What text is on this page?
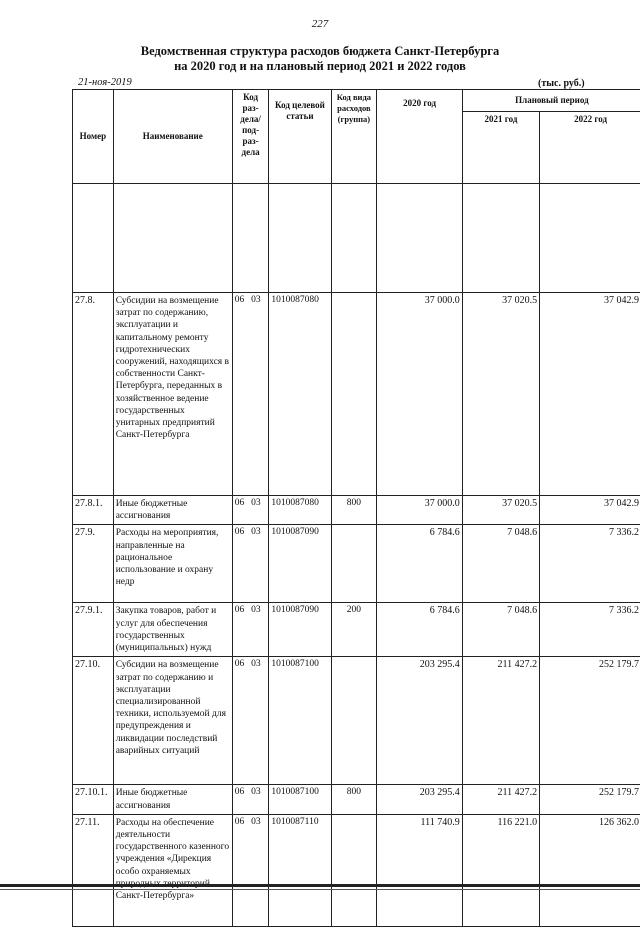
227
Ведомственная структура расходов бюджета Санкт-Петербурга
на 2020 год и на плановый период 2021 и 2022 годов
21-ноя-2019	(тыс. руб.)
Номер	Наименование	Код раз- дела/ под- раз- дела	Код целевой статьи	Код вида расходов (группа)	2020 год	Плановый период	
						2021 год	2022 год

27.8.	Субсидии на возмещение затрат по содержанию, эксплуатации и капитальному ремонту гидротехнических сооружений, находящихся в собственности Санкт-Петербурга, переданных в хозяйственное ведение государственных унитарных предприятий Санкт-Петербурга	06 03	1010087080		37 000.0	37 020.5	37 042.9
27.8.1.	Иные бюджетные ассигнования	06 03	1010087080	800	37 000.0	37 020.5	37 042.9
27.9.	Расходы на мероприятия, направленные на рациональное использование и охрану недр	06 03	1010087090		6 784.6	7 048.6	7 336.2
27.9.1.	Закупка товаров, работ и услуг для обеспечения государственных (муниципальных) нужд	06 03	1010087090	200	6 784.6	7 048.6	7 336.2
27.10.	Субсидии на возмещение затрат по содержанию и эксплуатации специализированной техники, используемой для предупреждения и ликвидации последствий аварийных ситуаций	06 03	1010087100		203 295.4	211 427.2	252 179.7
27.10.1.	Иные бюджетные ассигнования	06 03	1010087100	800	203 295.4	211 427.2	252 179.7
27.11.	Расходы на обеспечение деятельности государственного казенного учреждения «Дирекция особо охраняемых Санкт-Петербурга»	06 03	1010087110		111 740.9	116 221.0	126 362.0
